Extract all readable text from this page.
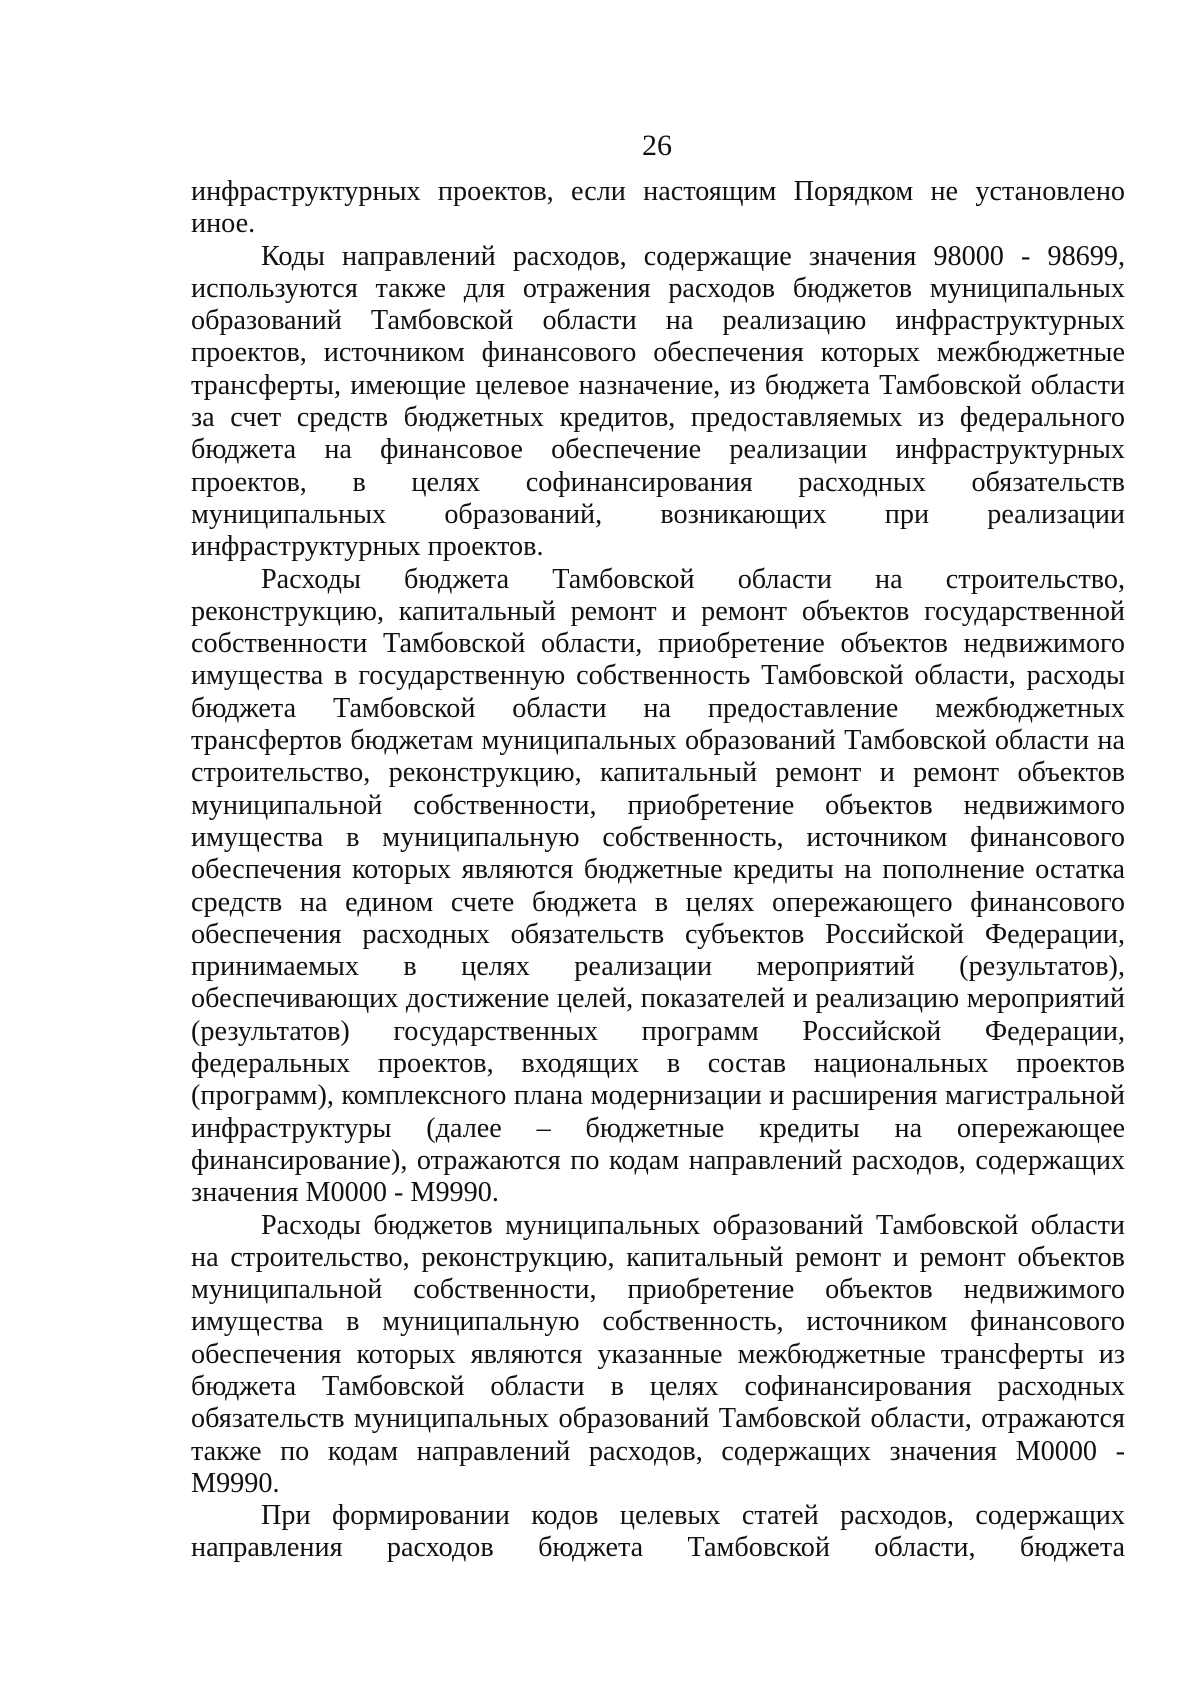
26

инфраструктурных проектов, если настоящим Порядком не установлено иное.

Коды направлений расходов, содержащие значения 98000 - 98699, используются также для отражения расходов бюджетов муниципальных образований Тамбовской области на реализацию инфраструктурных проектов, источником финансового обеспечения которых межбюджетные трансферты, имеющие целевое назначение, из бюджета Тамбовской области за счет средств бюджетных кредитов, предоставляемых из федерального бюджета на финансовое обеспечение реализации инфраструктурных проектов, в целях софинансирования расходных обязательств муниципальных образований, возникающих при реализации инфраструктурных проектов.

Расходы бюджета Тамбовской области на строительство, реконструкцию, капитальный ремонт и ремонт объектов государственной собственности Тамбовской области, приобретение объектов недвижимого имущества в государственную собственность Тамбовской области, расходы бюджета Тамбовской области на предоставление межбюджетных трансфертов бюджетам муниципальных образований Тамбовской области на строительство, реконструкцию, капитальный ремонт и ремонт объектов муниципальной собственности, приобретение объектов недвижимого имущества в муниципальную собственность, источником финансового обеспечения которых являются бюджетные кредиты на пополнение остатка средств на едином счете бюджета в целях опережающего финансового обеспечения расходных обязательств субъектов Российской Федерации, принимаемых в целях реализации мероприятий (результатов), обеспечивающих достижение целей, показателей и реализацию мероприятий (результатов) государственных программ Российской Федерации, федеральных проектов, входящих в состав национальных проектов (программ), комплексного плана модернизации и расширения магистральной инфраструктуры (далее – бюджетные кредиты на опережающее финансирование), отражаются по кодам направлений расходов, содержащих значения М0000 - М9990.

Расходы бюджетов муниципальных образований Тамбовской области на строительство, реконструкцию, капитальный ремонт и ремонт объектов муниципальной собственности, приобретение объектов недвижимого имущества в муниципальную собственность, источником финансового обеспечения которых являются указанные межбюджетные трансферты из бюджета Тамбовской области в целях софинансирования расходных обязательств муниципальных образований Тамбовской области, отражаются также по кодам направлений расходов, содержащих значения М0000 - М9990.

При формировании кодов целевых статей расходов, содержащих направления расходов бюджета Тамбовской области, бюджета
